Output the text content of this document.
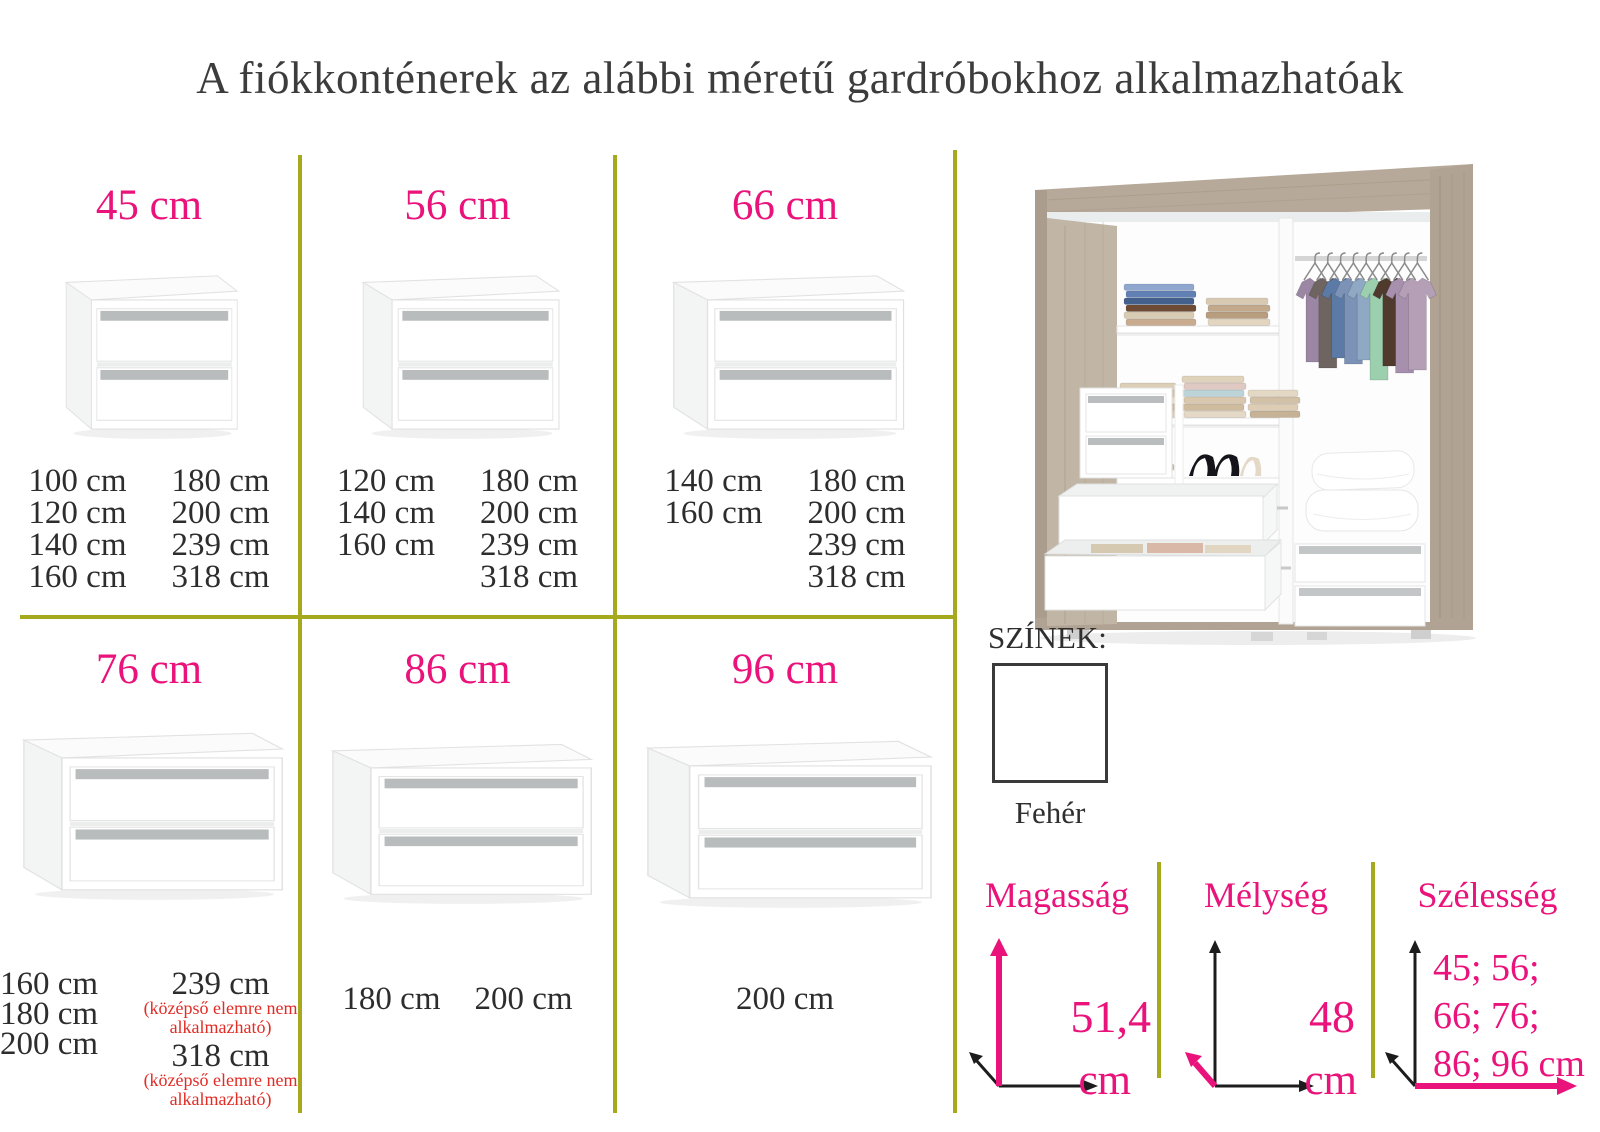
A fiókkonténerek az alábbi méretű gardróbokhoz alkalmazhatóak
45 cm
100 cm
120 cm
140 cm
160 cm
180 cm
200 cm
239 cm
318 cm
56 cm
120 cm
140 cm
160 cm
180 cm
200 cm
239 cm
318 cm
66 cm
140 cm
160 cm
180 cm
200 cm
239 cm
318 cm
76 cm
160 cm
180 cm
200 cm
239 cm
(középső elemre nem alkalmazható)
318 cm
(középső elemre nem alkalmazható)
86 cm
180 cm 200 cm
96 cm
200 cm
SZÍNEK:
Fehér
Magasság
51,4
cm
Mélység
48
cm
Szélesség
45; 56;
66; 76;
86; 96 cm
